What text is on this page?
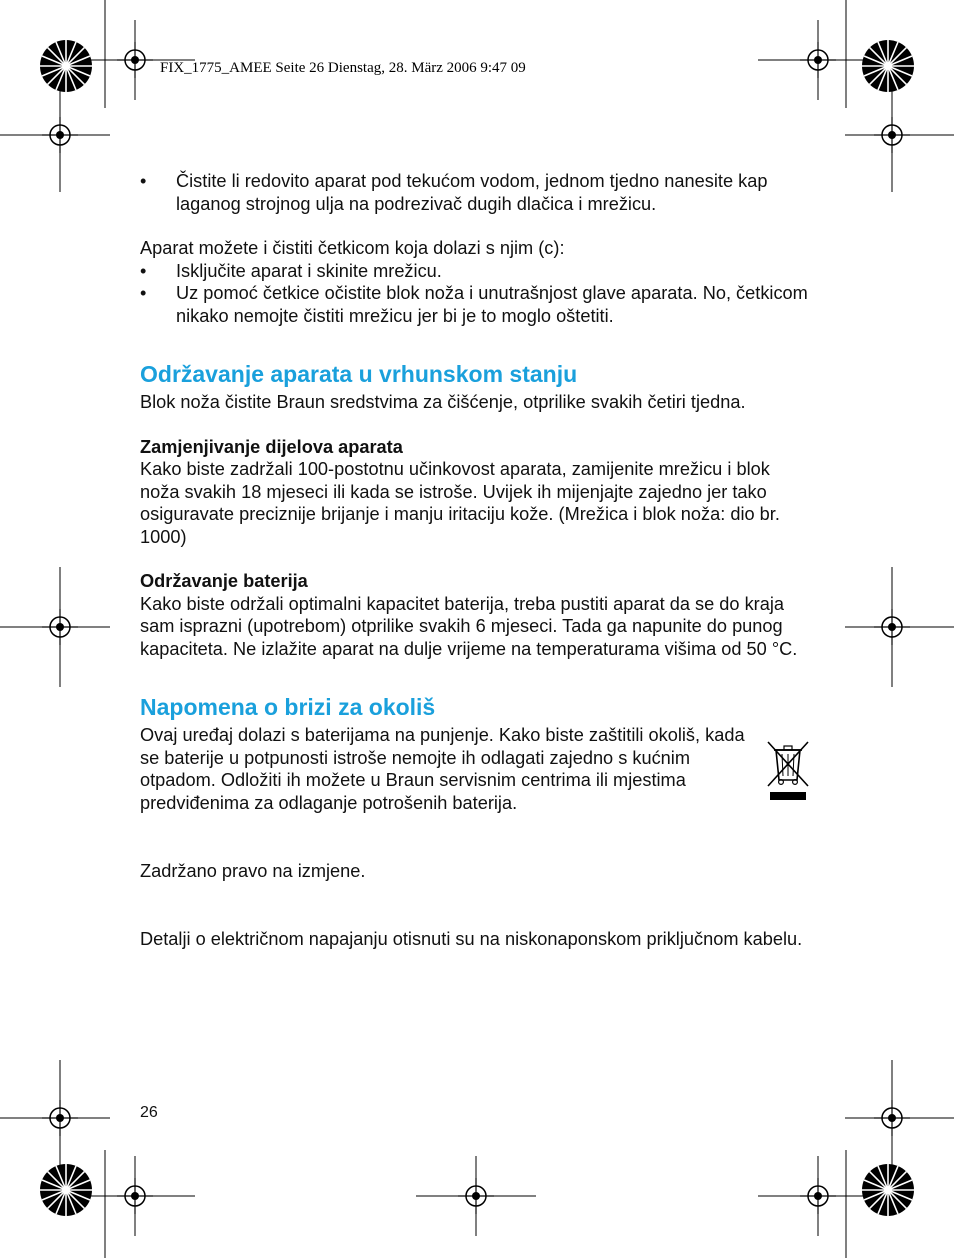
FIX_1775_AMEE Seite 26 Dienstag, 28. März 2006 9:47 09

• Čistite li redovito aparat pod tekućom vodom, jednom tjedno nanesite kap laganog strojnog ulja na podrezivač dugih dlačica i mrežicu.

Aparat možete i čistiti četkicom koja dolazi s njim (c):

• Isključite aparat i skinite mrežicu.

• Uz pomoć četkice očistite blok noža i unutrašnjost glave aparata. No, četkicom nikako nemojte čistiti mrežicu jer bi je to moglo oštetiti.

Održavanje aparata u vrhunskom stanju

Blok noža čistite Braun sredstvima za čišćenje, otprilike svakih četiri tjedna.

Zamjenjivanje dijelova aparata

Kako biste zadržali 100-postotnu učinkovost aparata, zamijenite mrežicu i blok noža svakih 18 mjeseci ili kada se istroše. Uvijek ih mijenjajte zajedno jer tako osiguravate preciznije brijanje i manju iritaciju kože. (Mrežica i blok noža: dio br. 1000)

Održavanje baterija

Kako biste održali optimalni kapacitet baterija, treba pustiti aparat da se do kraja sam isprazni (upotrebom) otprilike svakih 6 mjeseci. Tada ga napunite do punog kapaciteta. Ne izlažite aparat na dulje vrijeme na temperaturama višima od 50 °C.

Napomena o brizi za okoliš

Ovaj uređaj dolazi s baterijama na punjenje. Kako biste zaštitili okoliš, kada se baterije u potpunosti istroše nemojte ih odlagati zajedno s kućnim otpadom. Odložiti ih možete u Braun servisnim centrima ili mjestima predviđenima za odlaganje potrošenih baterija.

Zadržano pravo na izmjene.

Detalji o električnom napajanju otisnuti su na niskonaponskom priključnom kabelu.

26
